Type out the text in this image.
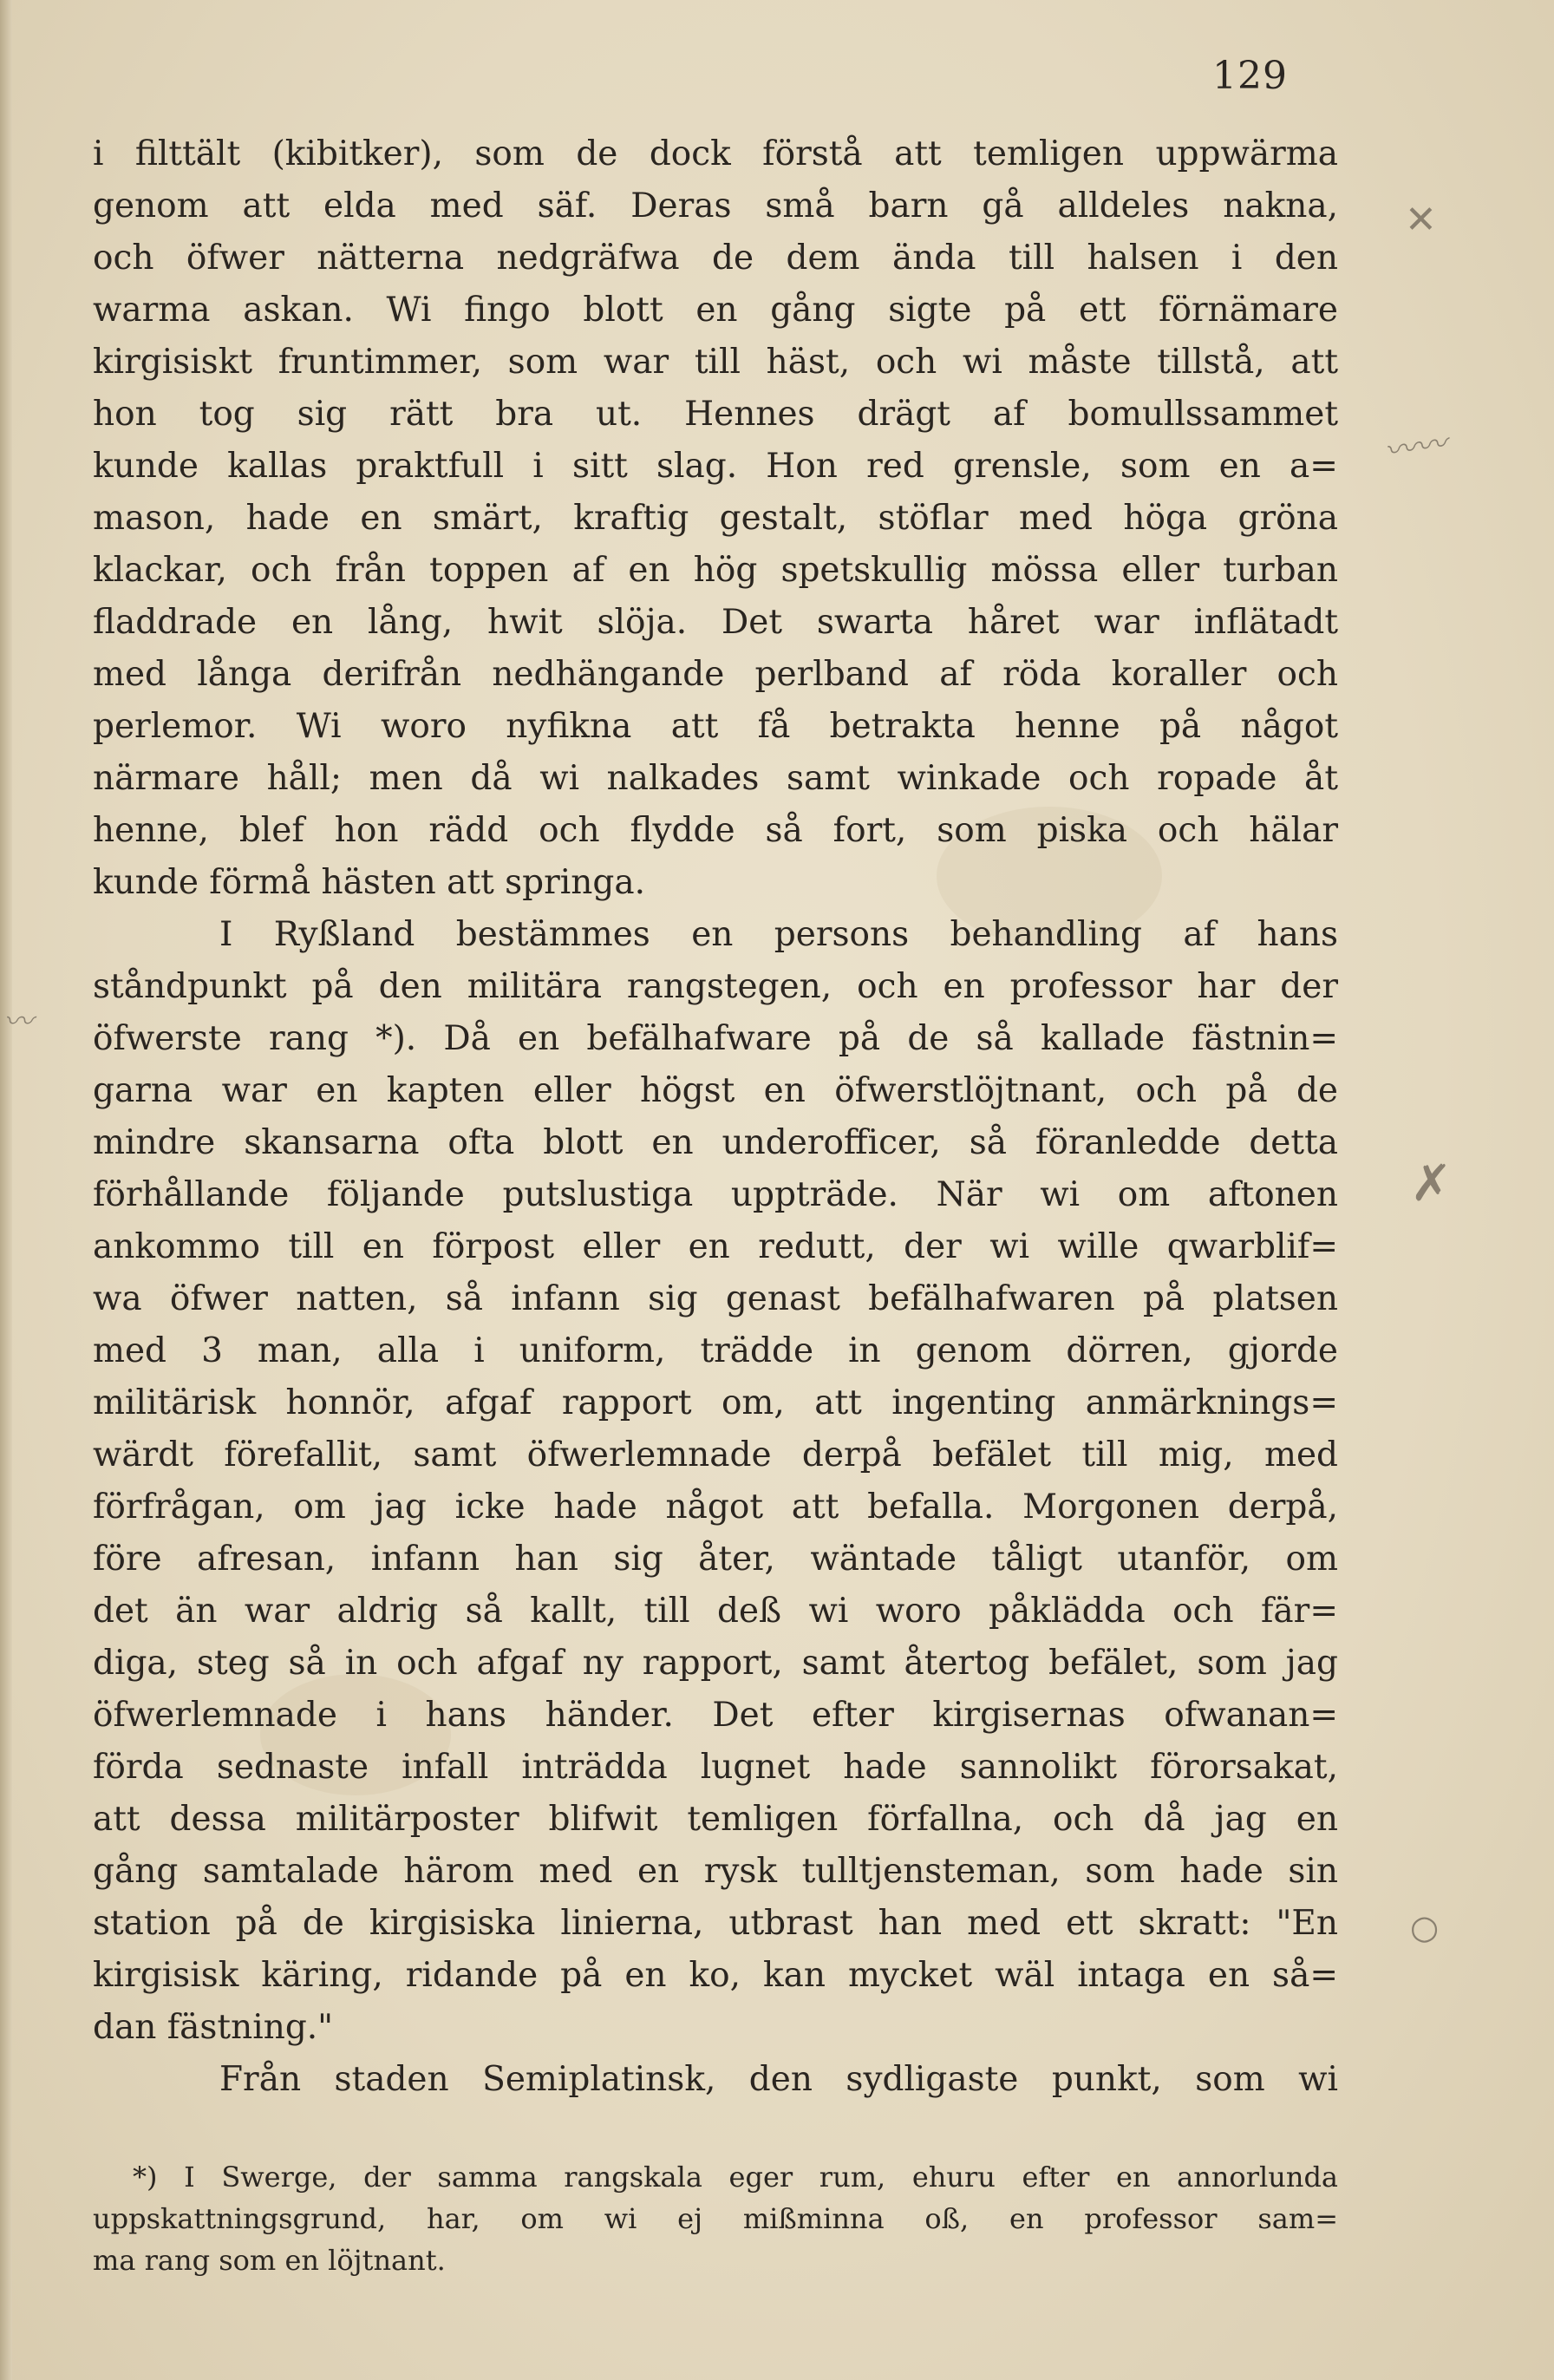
129
i filttält (kibitker), som de dock förstå att temligen uppwärma
genom att elda med säf. Deras små barn gå alldeles nakna,
och öfwer nätterna nedgräfwa de dem ända till halsen i den
warma askan. Wi fingo blott en gång sigte på ett förnämare
kirgisiskt fruntimmer, som war till häst, och wi måste tillstå, att
hon tog sig rätt bra ut. Hennes drägt af bomullssammet
kunde kallas praktfull i sitt slag. Hon red grensle, som en a=
mason, hade en smärt, kraftig gestalt, stöflar med höga gröna
klackar, och från toppen af en hög spetskullig mössa eller turban
fladdrade en lång, hwit slöja. Det swarta håret war inflätadt
med långa derifrån nedhängande perlband af röda koraller och
perlemor. Wi woro nyfikna att få betrakta henne på något
närmare håll; men då wi nalkades samt winkade och ropade åt
henne, blef hon rädd och flydde så fort, som piska och hälar
kunde förmå hästen att springa.
I Ryßland bestämmes en persons behandling af hans
ståndpunkt på den militära rangstegen, och en professor har der
öfwerste rang *). Då en befälhafware på de så kallade fästnin=
garna war en kapten eller högst en öfwerstlöjtnant, och på de
mindre skansarna ofta blott en underofficer, så föranledde detta
förhållande följande putslustiga uppträde. När wi om aftonen
ankommo till en förpost eller en redutt, der wi wille qwarblif=
wa öfwer natten, så infann sig genast befälhafwaren på platsen
med 3 man, alla i uniform, trädde in genom dörren, gjorde
militärisk honnör, afgaf rapport om, att ingenting anmärknings=
wärdt förefallit, samt öfwerlemnade derpå befälet till mig, med
förfrågan, om jag icke hade något att befalla. Morgonen derpå,
före afresan, infann han sig åter, wäntade tåligt utanför, om
det än war aldrig så kallt, till deß wi woro påklädda och fär=
diga, steg så in och afgaf ny rapport, samt återtog befälet, som jag
öfwerlemnade i hans händer. Det efter kirgisernas ofwanan=
förda sednaste infall inträdda lugnet hade sannolikt förorsakat,
att dessa militärposter blifwit temligen förfallna, och då jag en
gång samtalade härom med en rysk tulltjensteman, som hade sin
station på de kirgisiska linierna, utbrast han med ett skratt: "En
kirgisisk käring, ridande på en ko, kan mycket wäl intaga en så=
dan fästning."
Från staden Semiplatinsk, den sydligaste punkt, som wi
*) I Swerge, der samma rangskala eger rum, ehuru efter en annorlunda
uppskattningsgrund, har, om wi ej mißminna oß, en professor sam=
ma rang som en löjtnant.
✕
〰〰
〰
✗
○
